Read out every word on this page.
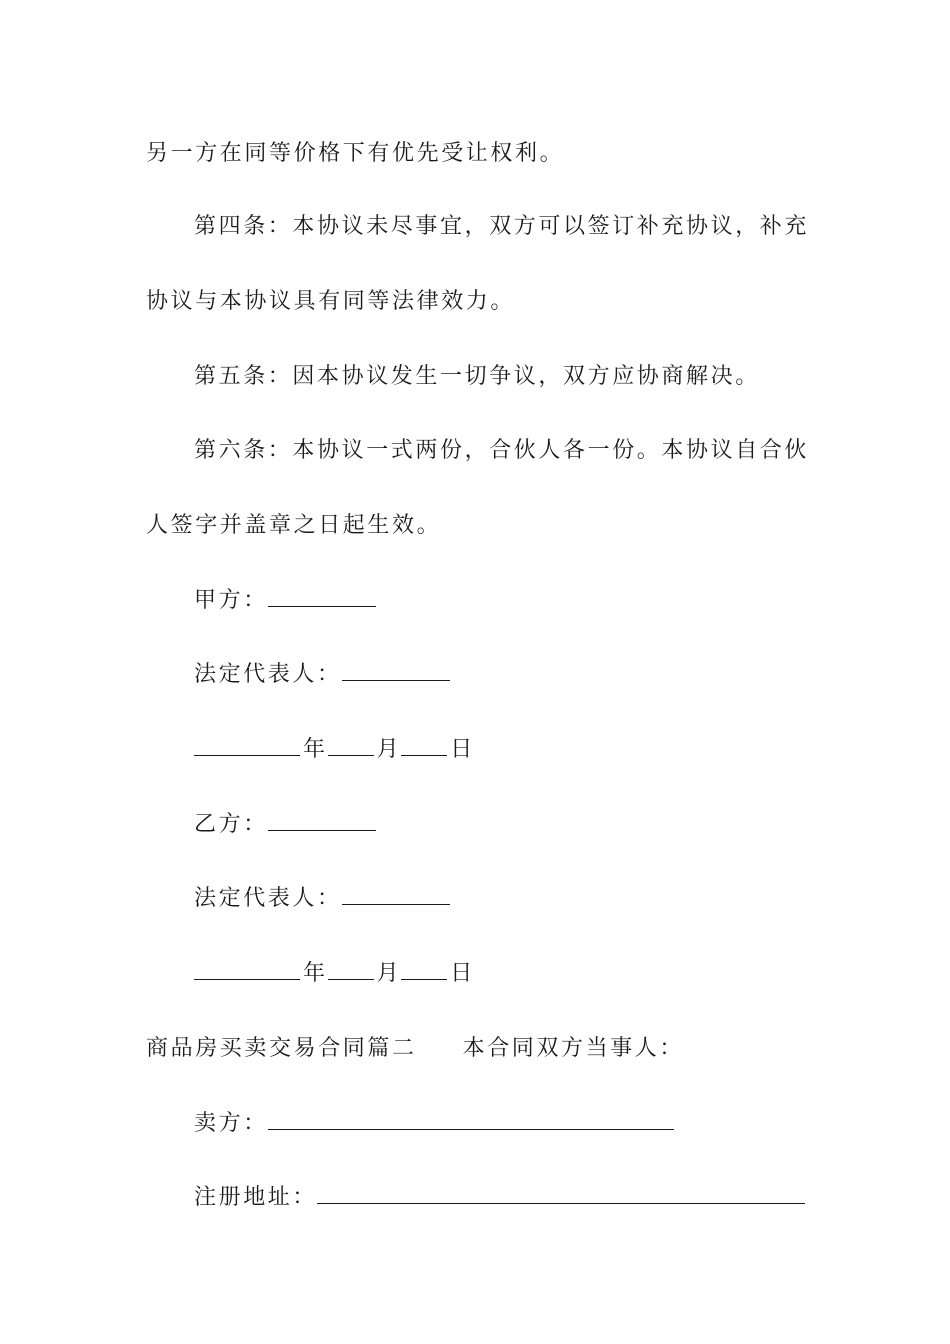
另一方在同等价格下有优先受让权利。
第四条：本协议未尽事宜，双方可以签订补充协议，补充
协议与本协议具有同等法律效力。
第五条：因本协议发生一切争议，双方应协商解决。
第六条：本协议一式两份，合伙人各一份。本协议自合伙
人签字并盖章之日起生效。
甲方：
法定代表人：
年 月 日
乙方：
法定代表人：
年 月 日
商品房买卖交易合同篇二 本合同双方当事人：
卖方：
注册地址：
